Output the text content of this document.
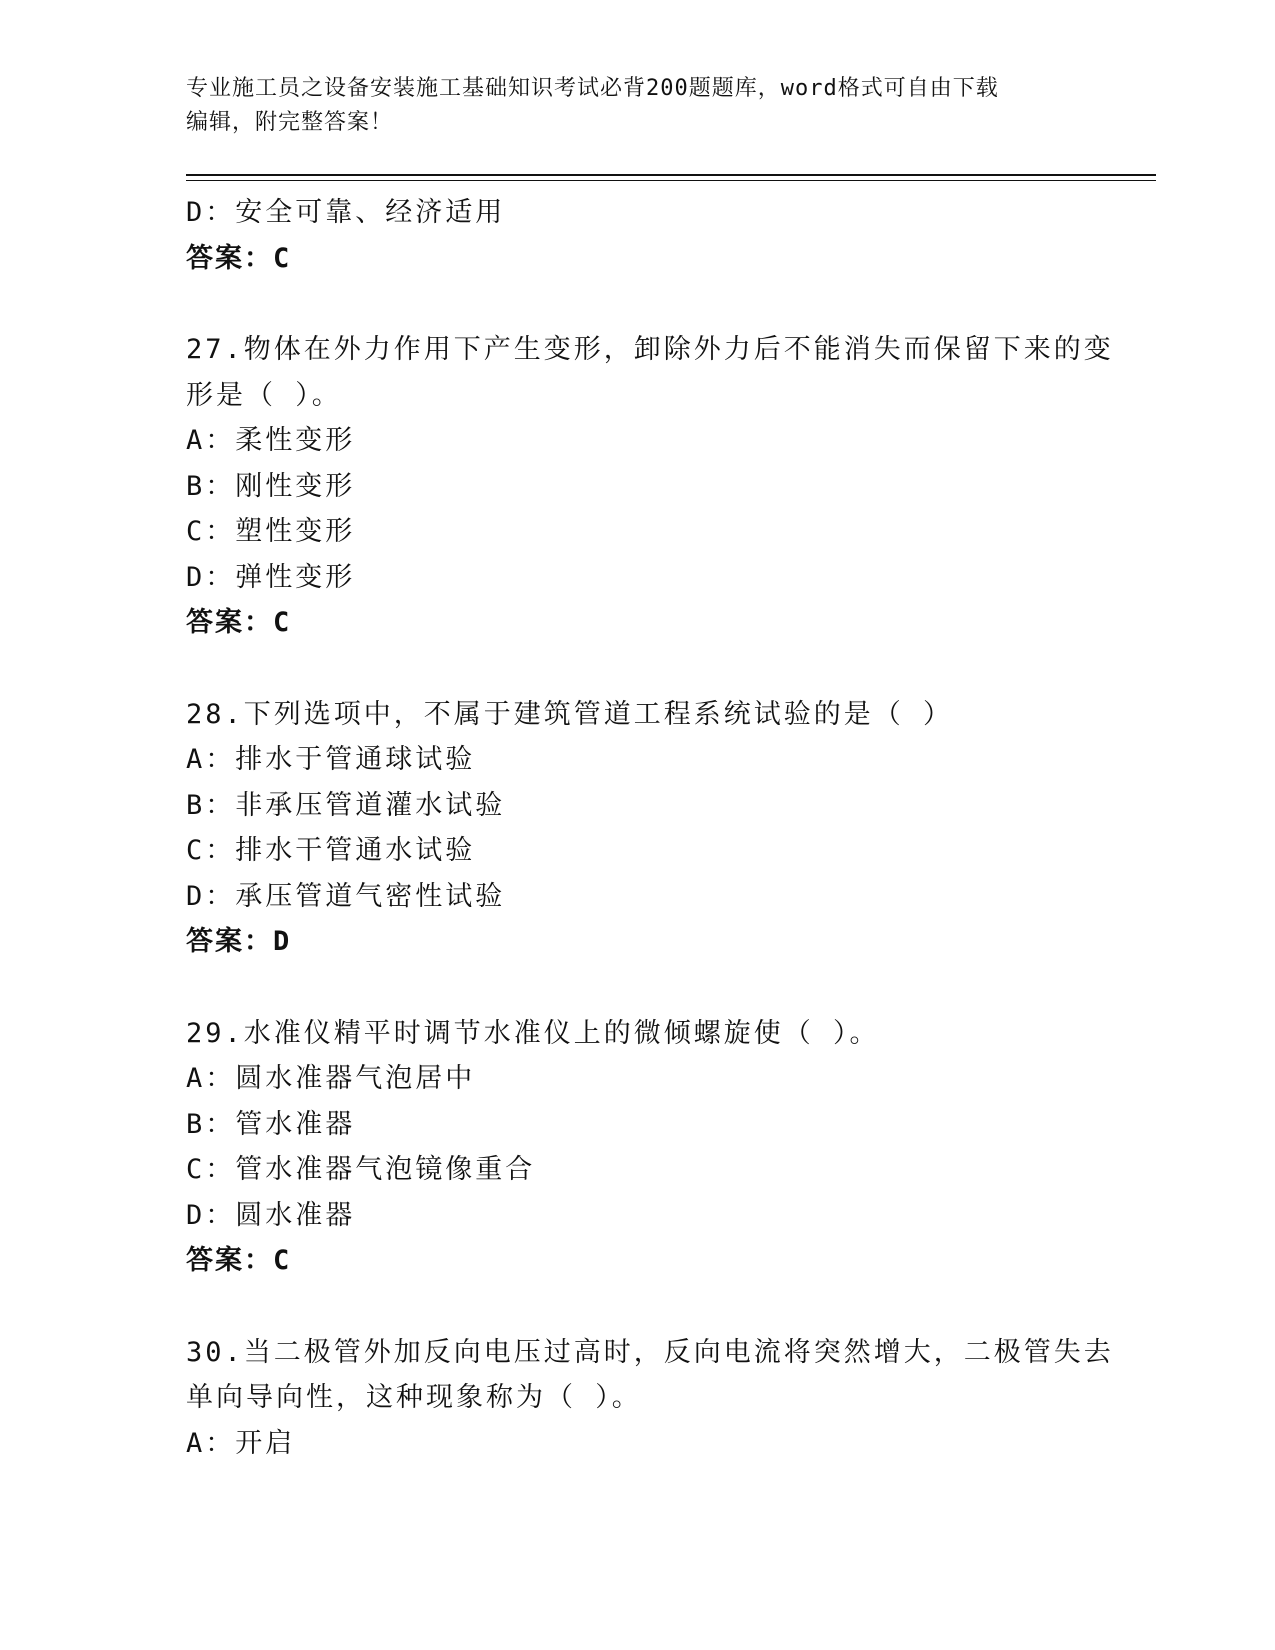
专业施工员之设备安装施工基础知识考试必背200题题库，word格式可自由下载
编辑，附完整答案！
D：安全可靠、经济适用
答案：C
27.物体在外力作用下产生变形，卸除外力后不能消失而保留下来的变
形是（ ）。
A：柔性变形
B：刚性变形
C：塑性变形
D：弹性变形
答案：C
28.下列选项中，不属于建筑管道工程系统试验的是（ ）
A：排水于管通球试验
B：非承压管道灌水试验
C：排水干管通水试验
D：承压管道气密性试验
答案：D
29.水准仪精平时调节水准仪上的微倾螺旋使（ ）。
A：圆水准器气泡居中
B：管水准器
C：管水准器气泡镜像重合
D：圆水准器
答案：C
30.当二极管外加反向电压过高时，反向电流将突然增大，二极管失去
单向导向性，这种现象称为（ ）。
A：开启
